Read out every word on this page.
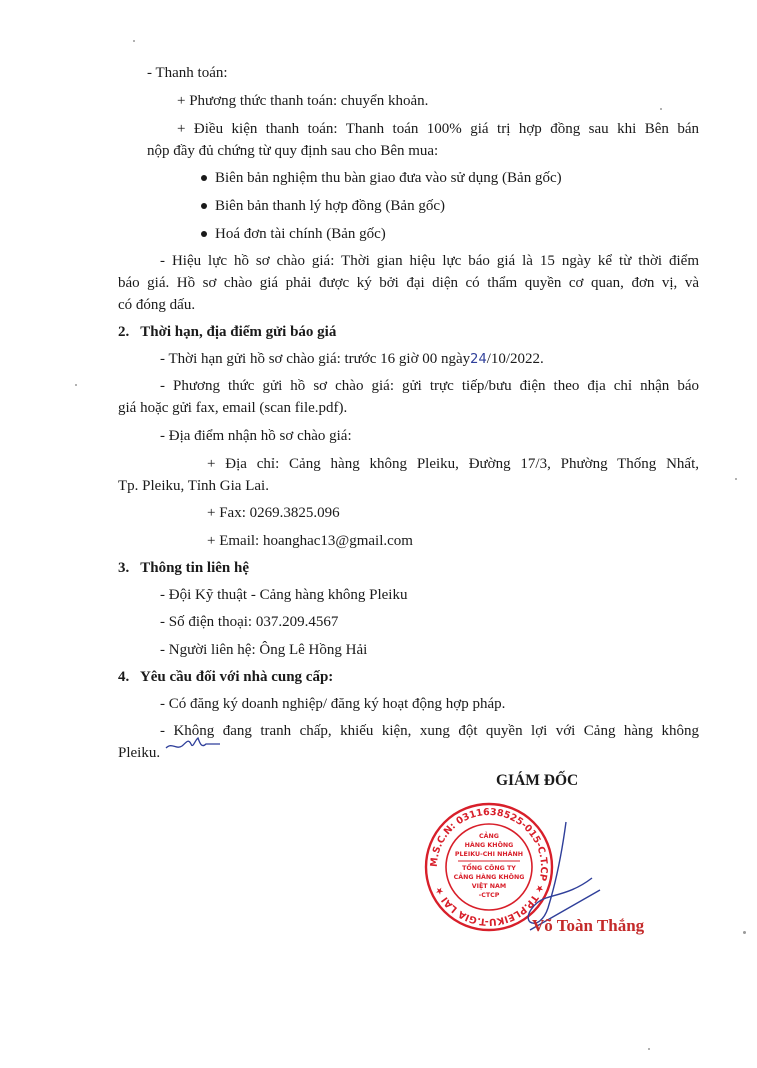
- Thanh toán:
+ Phương thức thanh toán: chuyển khoản.
+ Điều kiện thanh toán: Thanh toán 100% giá trị hợp đồng sau khi Bên bán
nộp đầy đủ chứng từ quy định sau cho Bên mua:
Biên bản nghiệm thu bàn giao đưa vào sử dụng (Bản gốc)
Biên bản thanh lý hợp đồng (Bản gốc)
Hoá đơn tài chính (Bản gốc)
- Hiệu lực hồ sơ chào giá: Thời gian hiệu lực báo giá là 15 ngày kể từ thời điểm
báo giá. Hồ sơ chào giá phải được ký bởi đại diện có thẩm quyền cơ quan, đơn vị, và
có đóng dấu.
2.   Thời hạn, địa điểm gửi báo giá
- Thời hạn gửi hồ sơ chào giá: trước 16 giờ 00 ngày24/10/2022.
- Phương thức gửi hồ sơ chào giá: gửi trực tiếp/bưu điện theo địa chỉ nhận báo
giá hoặc gửi fax, email (scan file.pdf).
- Địa điểm nhận hồ sơ chào giá:
+ Địa chỉ: Cảng hàng không Pleiku, Đường 17/3, Phường Thống Nhất,
Tp. Pleiku, Tỉnh Gia Lai.
+ Fax: 0269.3825.096
+ Email: hoanghac13@gmail.com
3.   Thông tin liên hệ
- Đội Kỹ thuật - Cảng hàng không Pleiku
- Số điện thoại: 037.209.4567
- Người liên hệ: Ông Lê Hồng Hải
4.   Yêu cầu đối với nhà cung cấp:
- Có đăng ký doanh nghiệp/ đăng ký hoạt động hợp pháp.
- Không đang tranh chấp, khiếu kiện, xung đột quyền lợi với Cảng hàng không
Pleiku.
GIÁM ĐỐC
M.S.C.N: 0311638525-015-C.T.CP ★ TP.PLEIKU-T.GIA LAI ★
CẢNG
HÀNG KHÔNG
PLEIKU-CHI NHÁNH
TỔNG CÔNG TY
CẢNG HÀNG KHÔNG
VIỆT NAM
-CTCP
Võ Toàn Thắng
